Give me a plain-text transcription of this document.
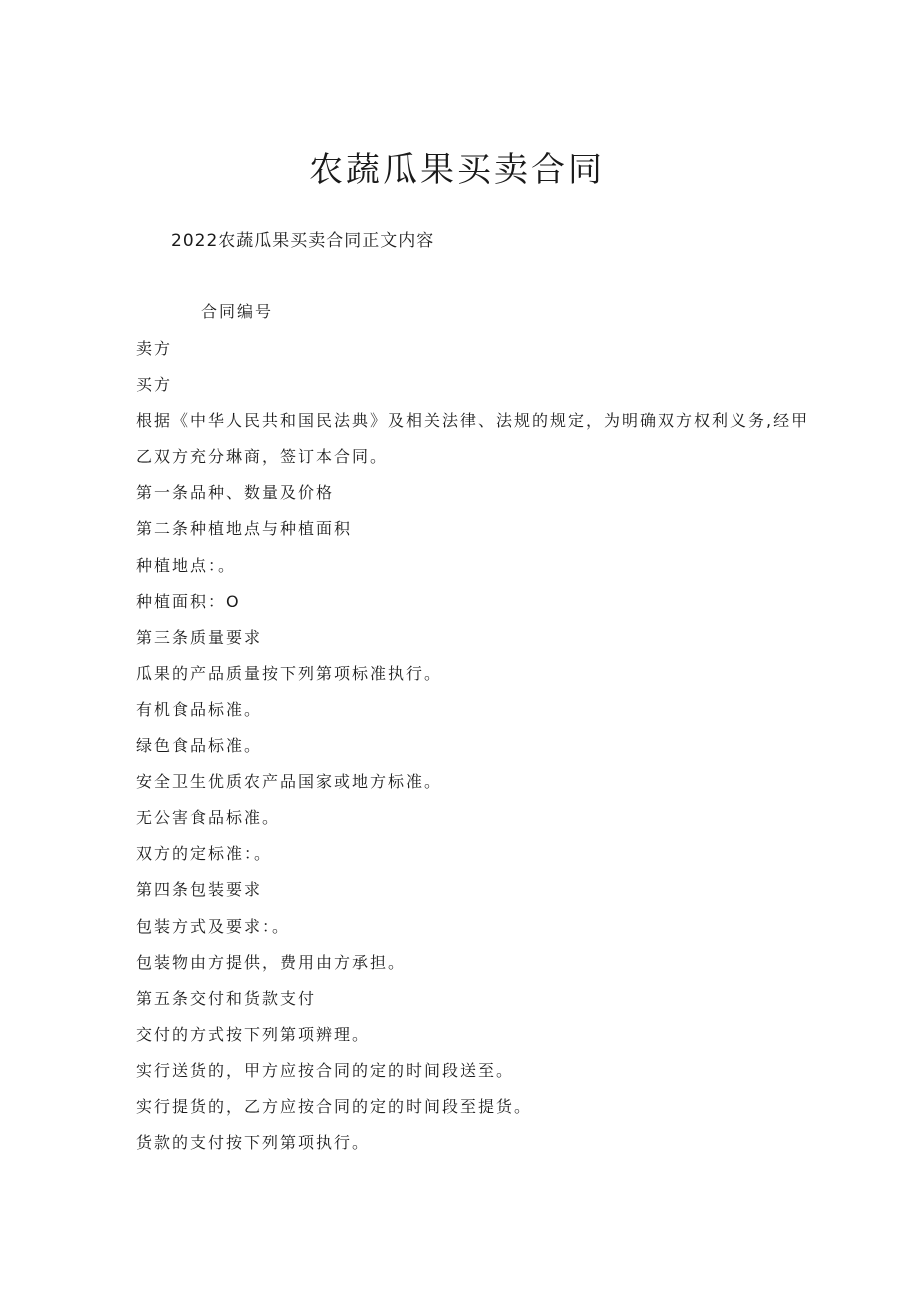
农蔬瓜果买卖合同
2022农蔬瓜果买卖合同正文内容
合同编号
卖方
买方
根据《中华人民共和国民法典》及相关法律、法规的规定，为明确双方权利义务,经甲
乙双方充分琳商，签订本合同。
第一条品种、数量及价格
第二条种植地点与种植面积
种植地点：。
种植面积：O
第三条质量要求
瓜果的产品质量按下列第项标准执行。
有机食品标准。
绿色食品标准。
安全卫生优质农产品国家或地方标准。
无公害食品标准。
双方的定标准：。
第四条包装要求
包装方式及要求：。
包装物由方提供，费用由方承担。
第五条交付和货款支付
交付的方式按下列第项辨理。
实行送货的，甲方应按合同的定的时间段送至。
实行提货的，乙方应按合同的定的时间段至提货。
货款的支付按下列第项执行。
